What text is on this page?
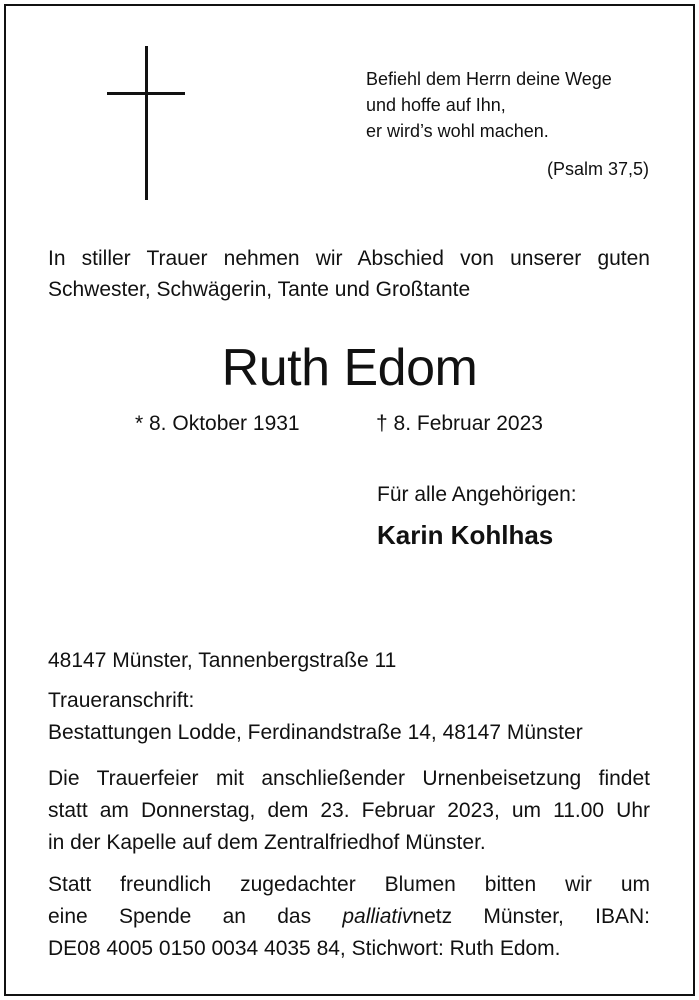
Befiehl dem Herrn deine Wege
und hoffe auf Ihn,
er wird’s wohl machen.
(Psalm 37,5)
In stiller Trauer nehmen wir Abschied von unserer guten
Schwester, Schwägerin, Tante und Großtante
Ruth Edom
* 8. Oktober 1931	† 8. Februar 2023
Für alle Angehörigen:
Karin Kohlhas
48147 Münster, Tannenbergstraße 11
Traueranschrift:
Bestattungen Lodde, Ferdinandstraße 14, 48147 Münster
Die Trauerfeier mit anschließender Urnenbeisetzung findet
statt am Donnerstag, dem 23. Februar 2023, um 11.00 Uhr
in der Kapelle auf dem Zentralfriedhof Münster.
Statt freundlich zugedachter Blumen bitten wir um
eine Spende an das palliativnetz Münster, IBAN:
DE08 4005 0150 0034 4035 84, Stichwort: Ruth Edom.
